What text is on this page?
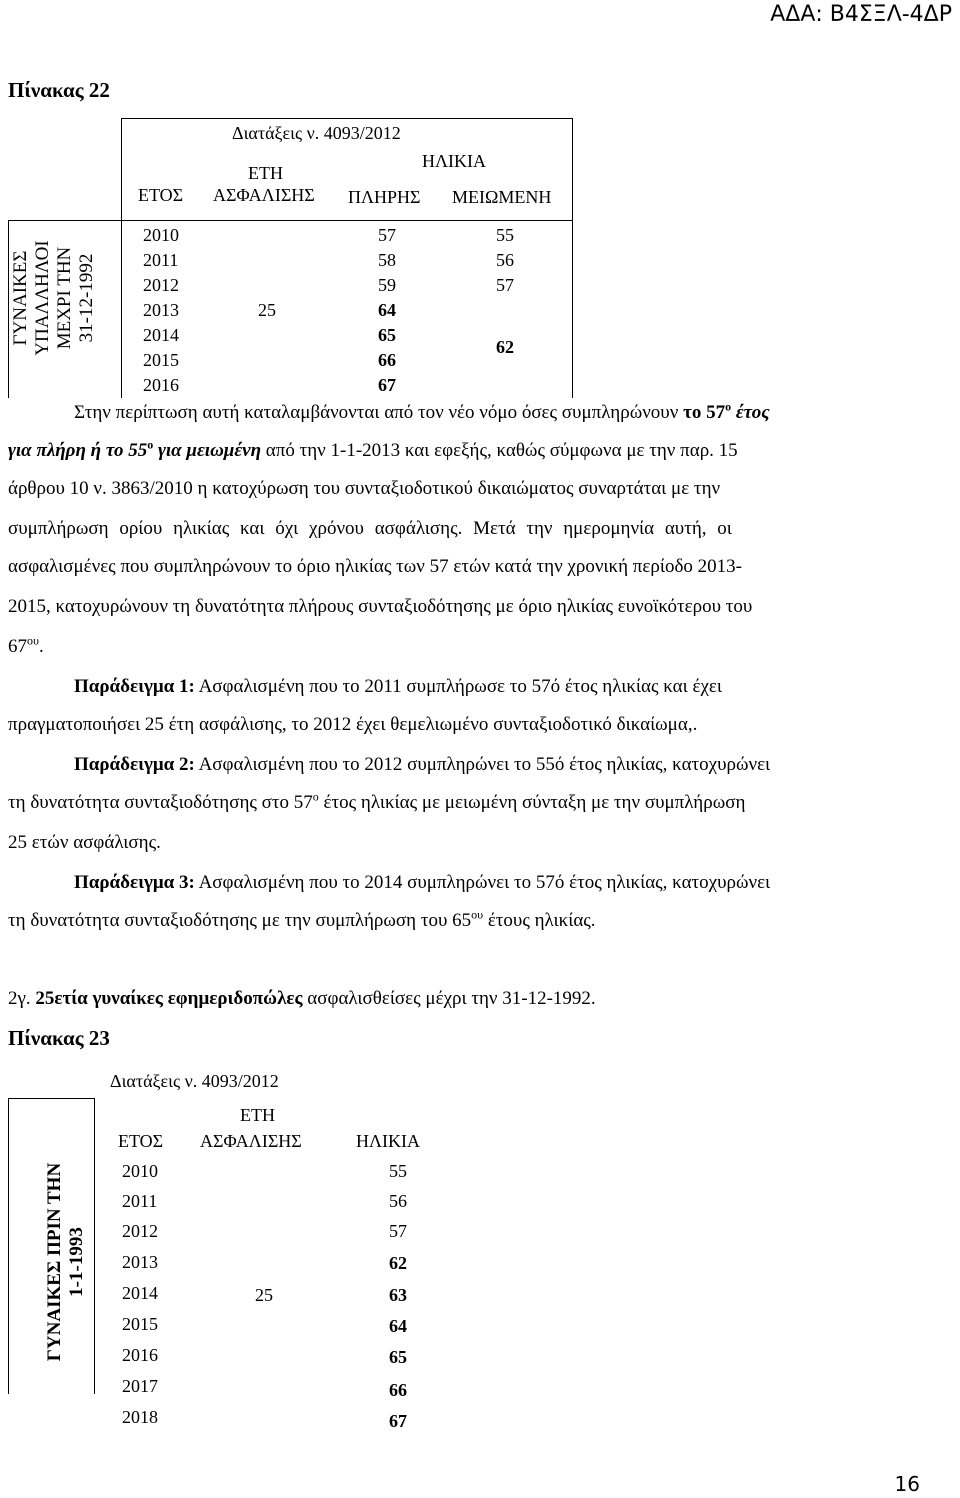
ΑΔΑ: Β4ΣΞΛ-4ΔΡ
Πίνακας 22
Διατάξεις ν. 4093/2012
ΗΛΙΚΙΑ
ΕΤΗ
ΑΣΦΑΛΙΣΗΣ
ΕΤΟΣ	ΠΛΗΡΗΣ ΜΕΙΩΜΕΝΗ
ΓΥΝΑΙΚΕΣ ΥΠΑΛΛΗΛΟΙ ΜΕΧΡΙ ΤΗΝ 31-12-1992
2010
2011
2012
2013
2014
2015
2016
25
57
58
59
64
65
66
67
55
56
57
62
Στην περίπτωση αυτή καταλαμβάνονται από τον νέο νόμο όσες συμπληρώνουν το $57^o$ έτος
για πλήρη ή το $55^o$ για μειωμένη από την 1-1-2013 και εφεξής, καθώς σύμφωνα με την παρ. 15
άρθρου 10 ν. 3863/2010 η κατοχύρωση του συνταξιοδοτικού δικαιώματος συναρτάται με την
συμπλήρωση ορίου ηλικίας και όχι χρόνου ασφάλισης. Μετά την ημερομηνία αυτή, οι
ασφαλισμένες που συμπληρώνουν το όριο ηλικίας των 57 ετών κατά την χρονική περίοδο 2013-
2015, κατοχυρώνουν τη δυνατότητα πλήρους συνταξιοδότησης με όριο ηλικίας ευνοϊκότερου του
$67^{o\upsilon}$.
Παράδειγμα 1: Ασφαλισμένη που το 2011 συμπλήρωσε το 57ό έτος ηλικίας και έχει
πραγματοποιήσει 25 έτη ασφάλισης, το 2012 έχει θεμελιωμένο συνταξιοδοτικό δικαίωμα,.
Παράδειγμα 2: Ασφαλισμένη που το 2012 συμπληρώνει το 55ό έτος ηλικίας, κατοχυρώνει
τη δυνατότητα συνταξιοδότησης στο $57^o$ έτος ηλικίας με μειωμένη σύνταξη με την συμπλήρωση
25 ετών ασφάλισης.
Παράδειγμα 3: Ασφαλισμένη που το 2014 συμπληρώνει το 57ό έτος ηλικίας, κατοχυρώνει
τη δυνατότητα συνταξιοδότησης με την συμπλήρωση του $65^{o\upsilon}$ έτους ηλικίας.
2γ. 25ετία γυναίκες εφημεριδοπώλες ασφαλισθείσες μέχρι την 31-12-1992.
Πίνακας 23
Διατάξεις ν. 4093/2012
ΕΤΗ
ΑΣΦΑΛΙΣΗΣ
ΕΤΟΣ	ΗΛΙΚΙΑ
ΓΥΝΑΙΚΕΣ ΠΡΙΝ ΤΗΝ 1-1-1993
2010
2011
2012
2013
2014
2015
2016
2017
2018
25
55
56
57
62
63
64
65
66
67
16
